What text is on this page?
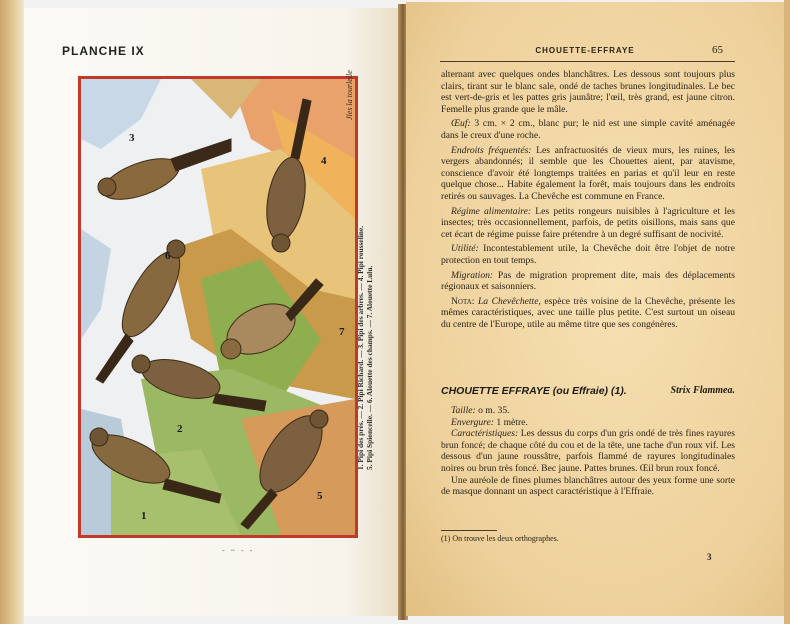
PLANCHE IX
3
6
4
2
7
1
5
Jles la tourlelle
1. Pipi des prés. — 2. Pipi Richard. — 3. Pipi des arbres. — 4. Pipi rousseline. 5. Pipi Spioncelle. — 6. Alouette des champs. — 7. Alouette Lulu.
- ~ - -
CHOUETTE-EFFRAYE	65

alternant avec quelques ondes blanchâtres. Les dessous sont toujours plus clairs, tirant sur le blanc sale, ondé de taches brunes longitudinales. Le bec est vert-de-gris et les pattes gris jaunâtre; l'œil, très grand, est jaune citron. Femelle plus grande que le mâle.

Œuf: 3 cm. × 2 cm., blanc pur; le nid est une simple cavité aménagée dans le creux d'une roche.

Endroits fréquentés: Les anfractuosités de vieux murs, les ruines, les vergers abandonnés; il semble que les Chouettes aient, par atavisme, conscience d'avoir été longtemps traitées en parias et qu'il leur en reste quelque chose... Habite également la forêt, mais toujours dans les endroits retirés ou sauvages. La Chevêche est commune en France.

Régime alimentaire: Les petits rongeurs nuisibles à l'agriculture et les insectes; très occasionnellement, parfois, de petits oisillons, mais sans que cet écart de régime puisse faire prétendre à un degré suffisant de nocivité.

Utilité: Incontestablement utile, la Chevêche doit être l'objet de notre protection en tout temps.

Migration: Pas de migration proprement dite, mais des déplacements régionaux et saisonniers.

Nota: La Chevêchette, espèce très voisine de la Chevêche, présente les mêmes caractéristiques, avec une taille plus petite. C'est surtout un oiseau du centre de l'Europe, utile au même titre que ses congénères.

CHOUETTE EFFRAYE (ou Effraie) (1).	Strix Flammea.

Taille: o m. 35.

Envergure: 1 mètre.

Caractéristiques: Les dessus du corps d'un gris ondé de très fines rayures brun foncé; de chaque côté du cou et de la tête, une tache d'un roux vif. Les dessous d'un jaune roussâtre, parfois flammé de rayures longitudinales noires ou brun très foncé. Bec jaune. Pattes brunes. Œil brun roux foncé.

Une auréole de fines plumes blanchâtres autour des yeux forme une sorte de masque donnant un aspect caractéristique à l'Effraie.

(1) On trouve les deux orthographes.
3
